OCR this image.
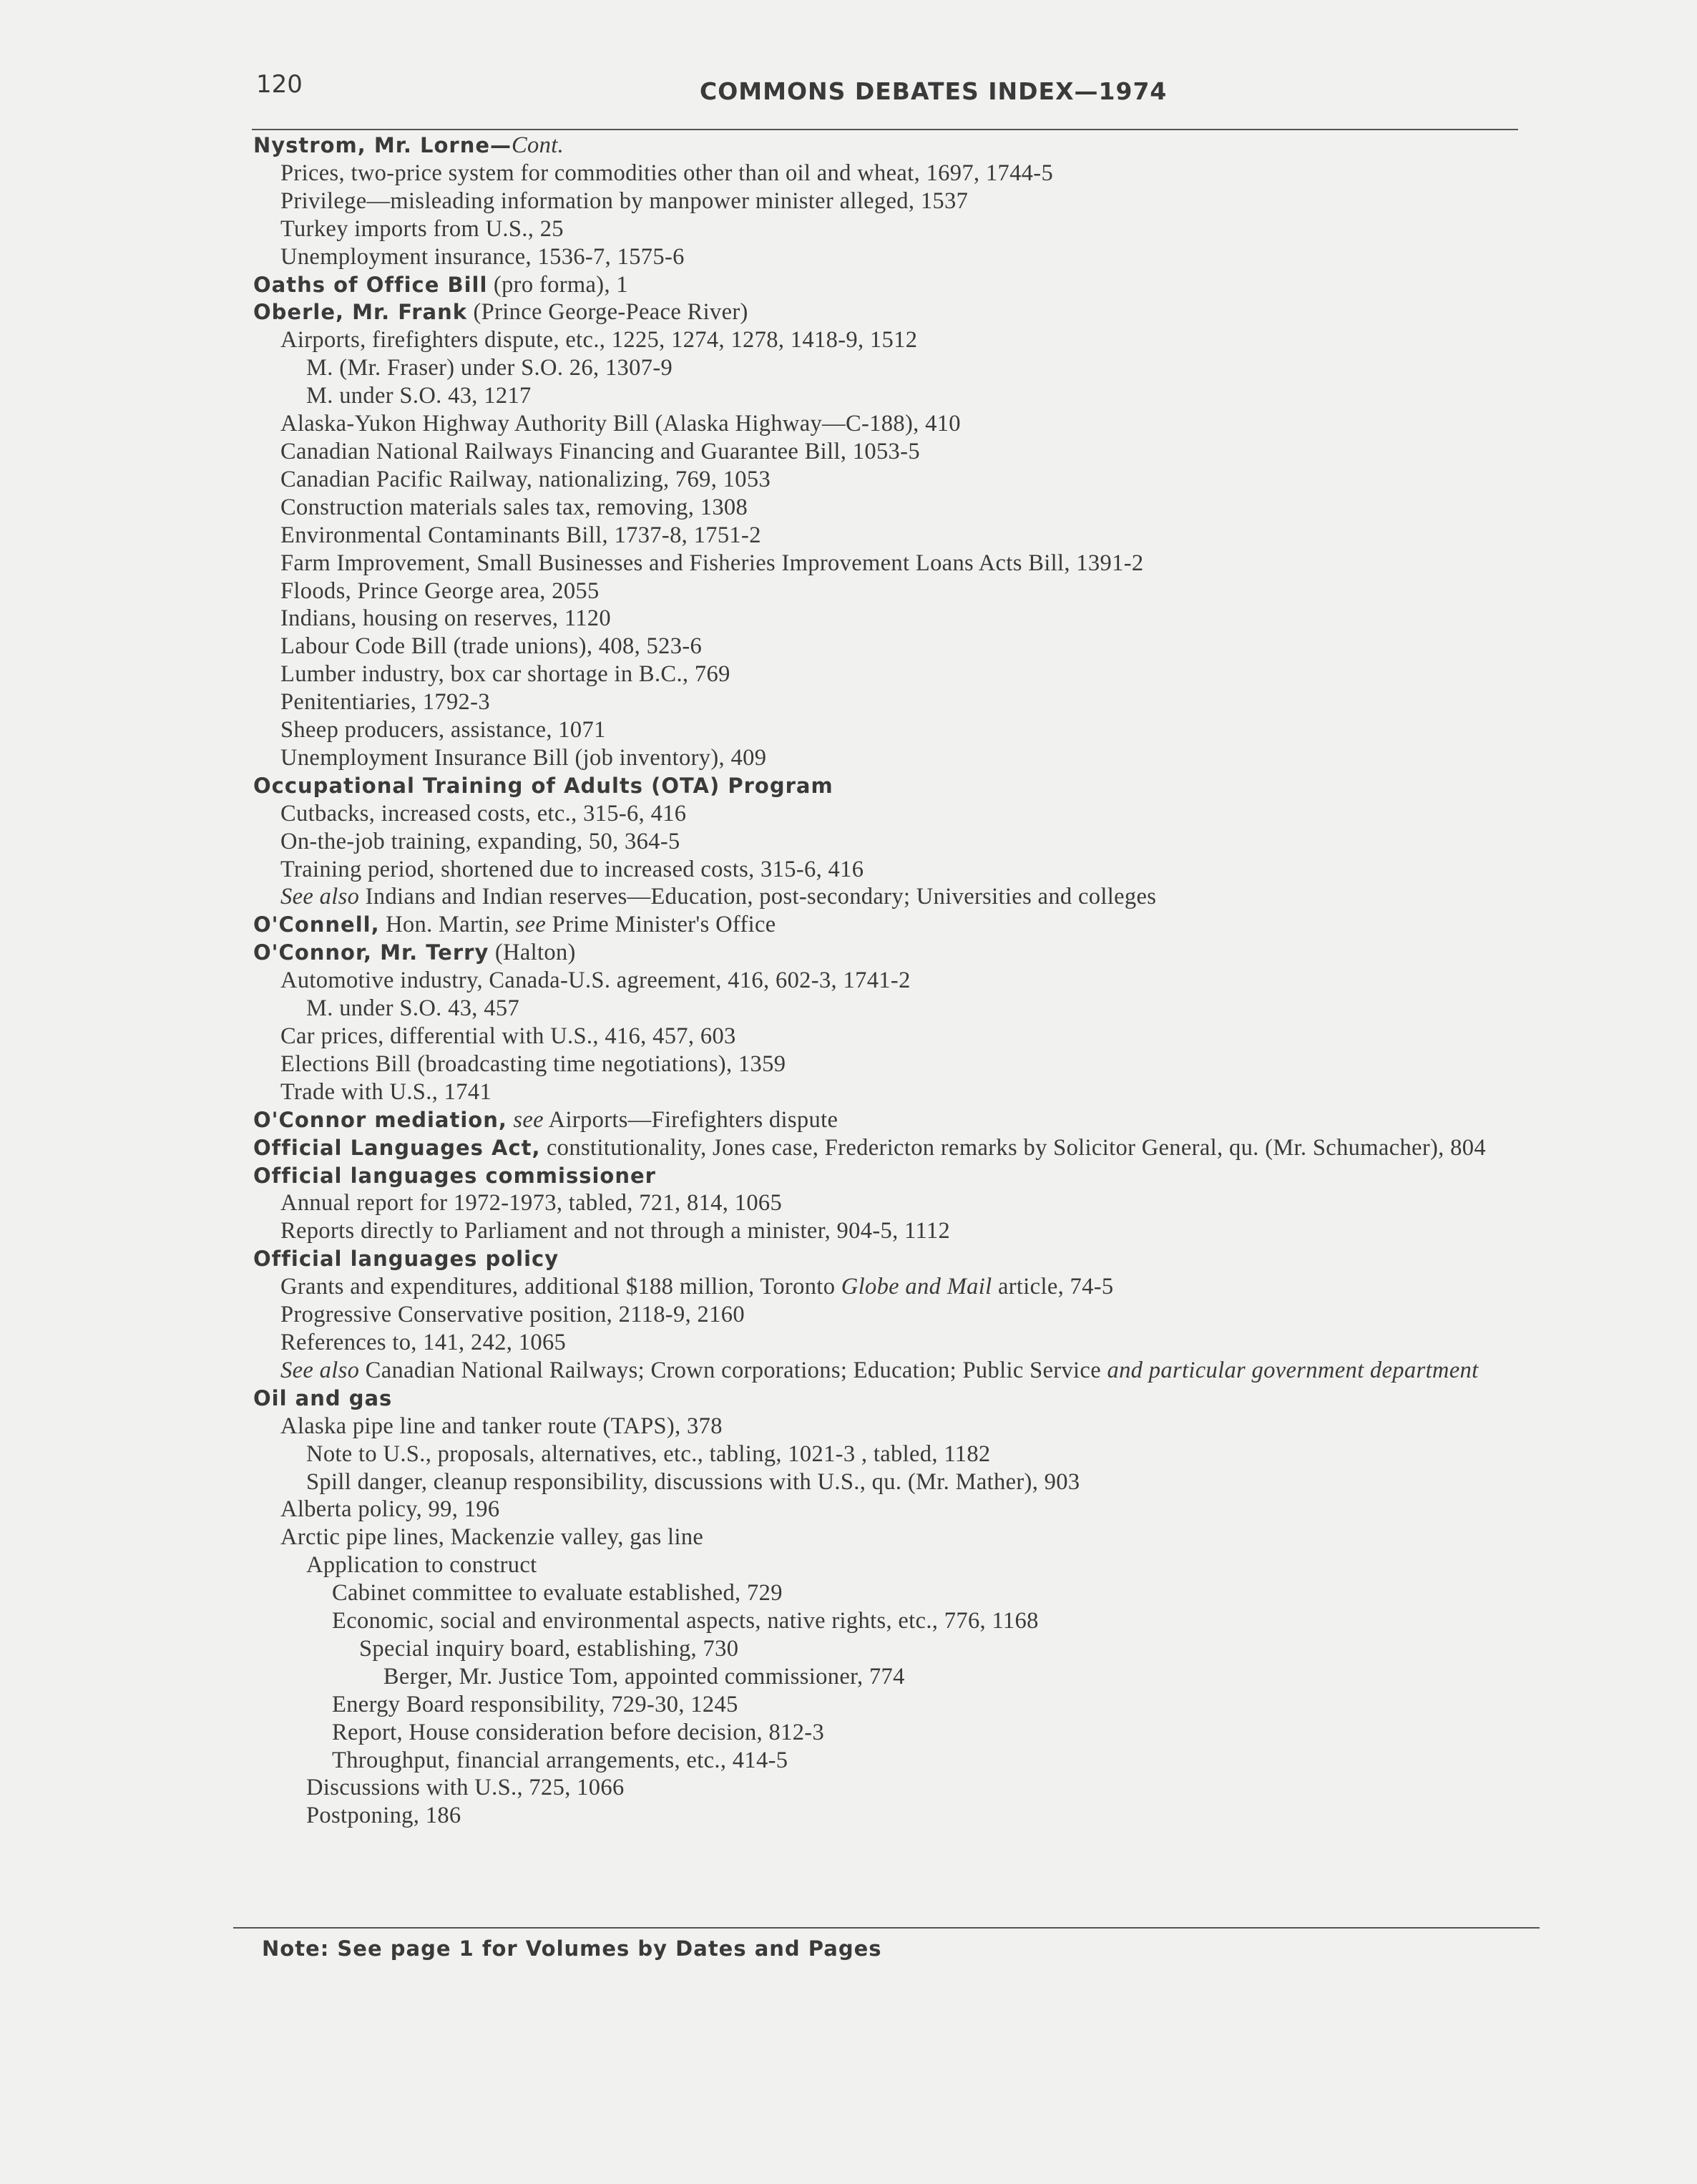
120	COMMONS DEBATES INDEX—1974
Nystrom, Mr. Lorne—Cont.
Prices, two-price system for commodities other than oil and wheat, 1697, 1744-5
Privilege—misleading information by manpower minister alleged, 1537
Turkey imports from U.S., 25
Unemployment insurance, 1536-7, 1575-6
Oaths of Office Bill (pro forma), 1
Oberle, Mr. Frank (Prince George-Peace River)
Airports, firefighters dispute, etc., 1225, 1274, 1278, 1418-9, 1512
M. (Mr. Fraser) under S.O. 26, 1307-9
M. under S.O. 43, 1217
Alaska-Yukon Highway Authority Bill (Alaska Highway—C-188), 410
Canadian National Railways Financing and Guarantee Bill, 1053-5
Canadian Pacific Railway, nationalizing, 769, 1053
Construction materials sales tax, removing, 1308
Environmental Contaminants Bill, 1737-8, 1751-2
Farm Improvement, Small Businesses and Fisheries Improvement Loans Acts Bill, 1391-2
Floods, Prince George area, 2055
Indians, housing on reserves, 1120
Labour Code Bill (trade unions), 408, 523-6
Lumber industry, box car shortage in B.C., 769
Penitentiaries, 1792-3
Sheep producers, assistance, 1071
Unemployment Insurance Bill (job inventory), 409
Occupational Training of Adults (OTA) Program
Cutbacks, increased costs, etc., 315-6, 416
On-the-job training, expanding, 50, 364-5
Training period, shortened due to increased costs, 315-6, 416
See also Indians and Indian reserves—Education, post-secondary; Universities and colleges
O'Connell, Hon. Martin, see Prime Minister's Office
O'Connor, Mr. Terry (Halton)
Automotive industry, Canada-U.S. agreement, 416, 602-3, 1741-2
M. under S.O. 43, 457
Car prices, differential with U.S., 416, 457, 603
Elections Bill (broadcasting time negotiations), 1359
Trade with U.S., 1741
O'Connor mediation, see Airports—Firefighters dispute
Official Languages Act, constitutionality, Jones case, Fredericton remarks by Solicitor General, qu. (Mr. Schumacher), 804
Official languages commissioner
Annual report for 1972-1973, tabled, 721, 814, 1065
Reports directly to Parliament and not through a minister, 904-5, 1112
Official languages policy
Grants and expenditures, additional $188 million, Toronto Globe and Mail article, 74-5
Progressive Conservative position, 2118-9, 2160
References to, 141, 242, 1065
See also Canadian National Railways; Crown corporations; Education; Public Service and particular government department
Oil and gas
Alaska pipe line and tanker route (TAPS), 378
Note to U.S., proposals, alternatives, etc., tabling, 1021-3 , tabled, 1182
Spill danger, cleanup responsibility, discussions with U.S., qu. (Mr. Mather), 903
Alberta policy, 99, 196
Arctic pipe lines, Mackenzie valley, gas line
Application to construct
Cabinet committee to evaluate established, 729
Economic, social and environmental aspects, native rights, etc., 776, 1168
Special inquiry board, establishing, 730
Berger, Mr. Justice Tom, appointed commissioner, 774
Energy Board responsibility, 729-30, 1245
Report, House consideration before decision, 812-3
Throughput, financial arrangements, etc., 414-5
Discussions with U.S., 725, 1066
Postponing, 186
Note: See page 1 for Volumes by Dates and Pages
